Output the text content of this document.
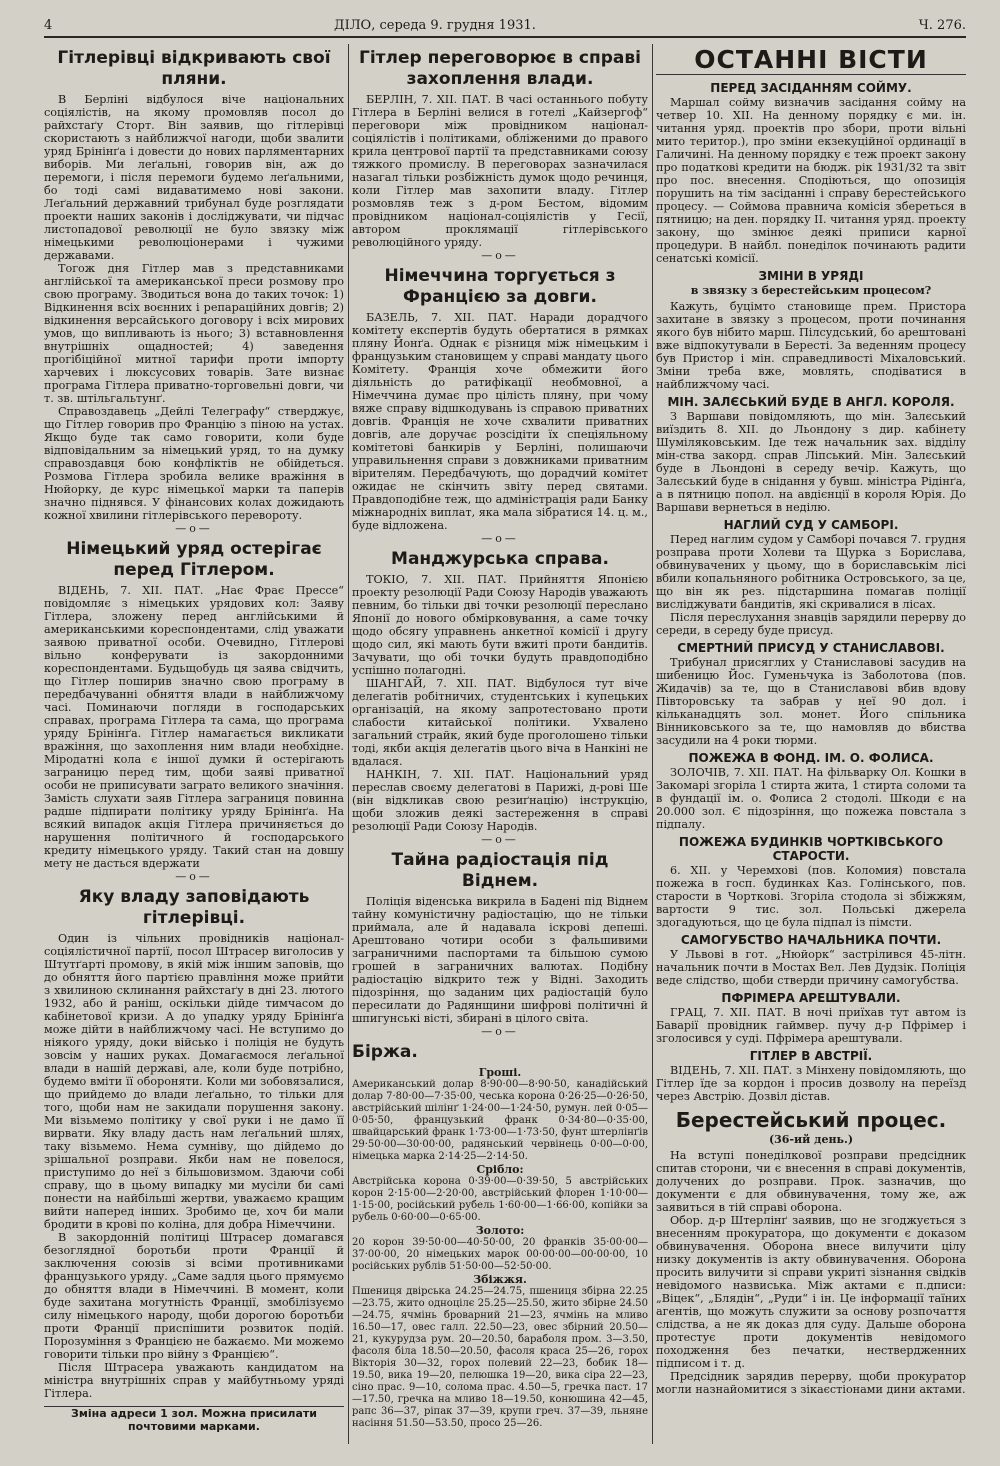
4	ДІЛО, середа 9. грудня 1931.	Ч. 276.
Гітлерівці відкривають свої пляни.

В Берліні відбулося віче національних соціялістів, на якому промовляв посол до райхстаґу Сторт. Він заявив, що гітлерівці скористають з найближчої нагоди, щоби звалити уряд Брінінґа і довести до нових парляментарних виборів. Ми леґальні, говорив він, аж до перемоги, і після перемоги будемо леґальними, бо тоді самі видаватимемо нові закони. Леґальний державний трибунал буде розглядати проекти наших законів і досліджувати, чи підчас листопадової революції не було звязку між німецькими революціонерами і чужими державами.

Тогож дня Гітлер мав з представниками англійської та американської преси розмову про свою програму. Зводиться вона до таких точок: 1) Відкинення всіх воєнних і репараційних довгів; 2) відкинення версайського договору і всіх мирових умов, що випливають із нього; 3) вставновлення внутрішніх ощадностей; 4) заведення прогібіційної митної тарифи проти імпорту харчевих і люксусових товарів. Зате визнає програма Гітлера приватно-торговельні довги, чи т. зв. штільгальтунґ.

Справоздавець „Дейлі Телеграфу“ стверджує, що Гітлер говорив про Францію з піною на устах. Якщо буде так само говорити, коли буде відповідальним за німецький уряд, то на думку справоздавця бою конфліктів не обійдеться. Розмова Гітлера зробила велике вражіння в Нюйорку, де курс німецької марки та паперів значно піднявся. У фінансових колах дожидають кожної хвилини гітлерівського перевороту.

—o—
Німецький уряд остерігає перед Гітлером.

ВІДЕНЬ, 7. XII. ПАТ. „Нає Фрає Прессе“ повідомляє з німецьких урядових кол: Заяву Гітлера, зложену перед англійськими й американськими кореспондентами, слід уважати заявою приватної особи. Очевидно, Гітлерові вільно конферувати із закордонними кореспондентами. Будьщобудь ця заява свідчить, що Гітлер поширив значно свою програму в передбачуванні обняття влади в найближчому часі. Поминаючи погляди в господарських справах, програма Гітлера та сама, що програма уряду Брінінґа. Гітлер намагається викликати вражіння, що захоплення ним влади необхідне. Міродатні кола є іншої думки й остерігають заграницю перед тим, щоби заяві приватної особи не приписувати заграто великого значіння. Замість слухати заяв Гітлера заграниця повинна радше підпирати політику уряду Брінінґа. На всякий випадок акція Гітлера причиняється до нарушення політичного й господарського кредиту німецького уряду. Такий стан на довшу мету не дасться вдержати

—o—
Яку владу заповідають гітлерівці.

Один із чільних провідників націонал-соціялістичної партії, посол Штрасер виголосив у Штутґарті промову, в якій між іншим заповів, що до обняття його партією правління може прийти з хвилиною склинання райхстаґу в дні 23. лютого 1932, або й раніш, оскільки дійде тимчасом до кабінетової кризи. А до упадку уряду Брінінґа може дійти в найближчому часі. Не вступимо до ніякого уряду, доки військо і поліція не будуть зовсім у наших руках. Домагаємося леґальної влади в нашій державі, але, коли буде потрібно, будемо вміти її обороняти. Коли ми зобовязалися, що прийдемо до влади леґально, то тільки для того, щоби нам не закидали порушення закону. Ми візьмемо політику у свої руки і не дамо її вирвати. Яку владу дасть нам леґальний шлях, таку візьмемо. Нема сумніву, що дійдемо до зрішальної розправи. Якби нам не повелося, приступимо до неї з більшовизмом. Здаючи собі справу, що в цьому випадку ми мусіли би самі понести на найбільші жертви, уважаємо кращим вийти наперед інших. Зробимо це, хоч би мали бродити в крові по коліна, для добра Німеччини.

В закордонній політиці Штрасер домагався безоглядної боротьби проти Франції й заключення союзів зі всіми противниками французького уряду. „Саме задля цього прямуємо до обняття влади в Німеччині. В момент, коли буде захитана могутність Франції, змобілізуємо силу німецького народу, щоби дорогою боротьби проти Франції приспішити розвиток подій. Порозуміння з Францією не бажаємо. Ми можемо говорити тільки про війну з Францією“.

Після Штрасера уважають кандидатом на міністра внутрішніх справ у майбутньому уряді Гітлера.

Зміна адреси 1 зол. Можна присилати почтовими марками.
Гітлер переговорює в справі захоплення влади.

БЕРЛІН, 7. XII. ПАТ. В часі останнього побуту Гітлера в Берліні велися в готелі „Кайзергоф“ переговори між провідником націонал-соціялістів і політиками, обліженими до правого крила центрової партії та представниками союзу тяжкого промислу. В переговорах зазначилася назагал тільки розбіжність думок щодо речинця, коли Гітлер мав захопити владу. Гітлер розмовляв теж з д-ром Бестом, відомим провідником націонал-соціялістів у Гесії, автором проклямації гітлерівського революційного уряду.

—o—
Німеччина торгується з Францією за довги.

БАЗЕЛЬ, 7. XII. ПАТ. Наради дорадчого комітету експертів будуть обертатися в рямках пляну Йонґа. Однак є різниця між німецьким і французьким становищем у справі мандату цього Комітету. Франція хоче обмежити його діяльність до ратифікації необмовної, а Німеччина думає про цілість пляну, при чому вяже справу відшкодувань із справою приватних довгів. Франція не хоче схвалити приватних довгів, але доручає розсідіти їх спеціяльному комітетові банкирів у Берліні, полишаючи управильнення справи з довжниками приватним вірителям. Передбачують, що дорадчий комітет ожидає не скінчить звіту перед святами. Правдоподібне теж, що адміністрація ради Банку міжнародніх виплат, яка мала зібратися 14. ц. м., буде відложена.

—o—
Манджурська справа.

ТОКІО, 7. XII. ПАТ. Прийняття Японією проекту резолюції Ради Союзу Народів уважають певним, бо тільки дві точки резолюції переслано Японії до нового обмірковування, а саме точку щодо обсягу управнень анкетної комісії і другу щодо сил, які мають бути вжиті проти бандитів. Зачувати, що обі точки будуть правдоподібно успішно полагодні.

ШАНГАЙ, 7. XII. ПАТ. Відбулося тут віче делегатів робітничих, студентських і купецьких організацій, на якому запротестовано проти слабости китайської політики. Ухвалено загальний страйк, який буде проголошено тільки тоді, якби акція делегатів цього віча в Нанкіні не вдалася.

НАНКІН, 7. XII. ПАТ. Національний уряд переслав своєму делегатові в Парижі, д-рові Ше (він відкликав свою резиґнацію) інструкцію, щоби зложив деякі застереження в справі резолюції Ради Союзу Народів.

—o—
Тайна радіостація під Віднем.

Поліція віденська викрила в Бадені під Віднем тайну комуністичну радіостацію, що не тільки приймала, але й надавала іскрові депеші. Арештовано чотири особи з фальшивими заграничними паспортами та більшою сумою грошей в заграничних валютах. Подібну радіостацію відкрито теж у Відні. Заходить підозріння, що заданим цих радіостацій було пересилати до Радянщини шифрові політичні й шпигунські вісті, збирані в цілого світа.

—o—
Біржа.
Гроші.

Американський долар 8·90·00—8·90·50, канадійський долар 7·80·00—7·35·00, чеська корона 0·26·25—0·26·50, австрійський шілінґ 1·24·00—1·24·50, румун. лей 0·05—0·05·50, французький франк 0·34·80—0·35·00, швайцарський франк 1·73·00—1·73·50, фунт штерлінґів 29·50·00—30·00·00, радянський червінець 0·00—0·00, німецька марка 2·14·25—2·14·50.

Срібло:

Австрійська корона 0·39·00—0·39·50, 5 австрійських корон 2·15·00—2·20·00, австрійський флорен 1·10·00—1·15·00, російський рубель 1·60·00—1·66·00, копійки за рубель 0·60·00—0·65·00.

Золото:

20 корон 39·50·00—40·50·00, 20 франків 35·00·00—37·00·00, 20 німецьких марок 00·00·00—00·00·00, 10 російських рублів 51·50·00—52·50·00.

Збіжжя.

Пшениця двірська 24.25—24.75, пшениця збірна 22.25—23.75, жито одноцілє 25.25—25.50, жито збірне 24.50—24.75, ячмінь броварний 21—23, ячмінь на мливо 16.50—17, овес галл. 22.50—23, овес збірний 20.50—21, кукурудза рум. 20—20.50, бараболя пром. 3—3.50, фасоля біла 18.50—20.50, фасоля краса 25—26, горох Вікторія 30—32, горох полевий 22—23, бобик 18—19.50, вика 19—20, пелюшка 19—20, вика сіра 22—23, сіно прас. 9—10, солома прас. 4.50—5, гречка паст. 17—17.50, гречка на мливо 18—19.50, конюшина 42—45, рапс 36—37, ріпак 37—39, крупи греч. 37—39, льняне насіння 51.50—53.50, просо 25—26.

ОСТАННІ ВІСТИ
ПЕРЕД ЗАСІДАННЯМ СОЙМУ.

Маршал сойму визначив засідання сойму на четвер 10. XII. На денному порядку є ми. ін. читання уряд. проектів про збори, проти вільні мито територ.), про зміни екзекуційної ординації в Галичині. На денному порядку є теж проект закону про податкові кредити на бюдж. рік 1931/32 та звіт про пос. внесення. Сподіються, що опозиція порушить на тім засіданні і справу берестейського процесу. — Соймова правнича комісія збереться в пятницю; на ден. порядку II. читання уряд. проекту закону, що змінює деякі приписи карної процедури. В найбл. понеділок починають радити сенатські комісії.

ЗМІНИ В УРЯДІ
в звязку з берестейським процесом?

Кажуть, буцімто становище прем. Пристора захитане в звязку з процесом, проти починання якого був нібито марш. Пілсудський, бо арештовані вже відпокутували в Бересті. За веденням процесу був Пристор і мін. справедливості Міхаловський. Зміни треба вже, мовлять, сподіватися в найближчому часі.

МІН. ЗАЛЄСЬКИЙ БУДЕ В АНГЛ. КОРОЛЯ.

З Варшави повідомляють, що мін. Залєський виїздить 8. XII. до Льондону з дир. кабінету Шуміляковським. Іде теж начальник зах. відділу мін-ства закорд. справ Ліпський. Мін. Залєський буде в Льондоні в середу вечір. Кажуть, що Залєський буде в снідання у бувш. міністра Рідінґа, а в пятницю попол. на авдієнції в короля Юрія. До Варшави вернеться в неділю.

НАГЛИЙ СУД У САМБОРІ.

Перед наглим судом у Самборі почався 7. грудня розправа проти Холеви та Щурка з Борислава, обвинувачених у цьому, що в бориславськім лісі вбили копальняного робітника Островського, за це, що він як рез. підстаршина помагав поліції висліджувати бандитів, які скривалися в лісах.

Після переслухання знавців зарядили перерву до середи, в середу буде присуд.

СМЕРТНИЙ ПРИСУД У СТАНИСЛАВОВІ.

Трибунал присяглих у Станиславові засудив на шибеницю Йос. Гуменьчука із Заболотова (пов. Жидачів) за те, що в Станиславові вбив вдову Півторовську та забрав у неї 90 дол. і кільканадцять зол. монет. Його спільника Вінниковського за те, що намовляв до вбиства засудили на 4 роки тюрми.

ПОЖЕЖА В ФОНД. ІМ. О. ФОЛИСА.

ЗОЛОЧІВ, 7. XII. ПАТ. На фільварку Ол. Кошки в Закомарі згоріла 1 стирта жита, 1 стирта соломи та в фундації ім. о. Фолиса 2 стодолі. Шкоди є на 20.000 зол. Є підозріння, що пожежа повстала з підпалу.

ПОЖЕЖА БУДИНКІВ ЧОРТКІВСЬКОГО СТАРОСТИ.

6. XII. у Черемхові (пов. Коломия) повстала пожежа в госп. будинках Каз. Голінського, пов. старости в Чорткові. Згоріла стодола зі збіжжям, вартости 9 тис. зол. Польські джерела здогадуються, що це була підпал із пімсти.

САМОГУБСТВО НАЧАЛЬНИКА ПОЧТИ.

У Львові в гот. „Нюйорк“ застрілився 45-літн. начальник почти в Мостах Вел. Лев Дудзік. Поліція веде слідство, щоби стверди причину самогубства.

ПФРІМЕРА АРЕШТУВАЛИ.

ГРАЦ, 7. XII. ПАТ. В ночі приїхав тут автом із Баварії провідник гаймвер. пучу д-р Пфрімер і зголосився у суді. Пфрімера арештували.

ГІТЛЕР В АВСТРІЇ.

ВІДЕНЬ, 7. XII. ПАТ. з Мінхену повідомляють, що Гітлер їде за кордон і просив дозволу на переїзд через Австрію. Дозвіл дістав.

Берестейський процес.
(36-ий день.)

На вступі понеділкової розправи предсідник спитав сторони, чи є внесення в справі документів, долучених до розправи. Прок. зазначив, що документи є для обвинувачення, тому же, аж заявиться в тій справі оборона.

Обор. д-р Штерлінґ заявив, що не згоджується з внесенням прокуратора, що документи є доказом обвинувачення. Оборона внесе вилучити цілу низку документів із акту обвинувачення. Оборона просить вилучити зі справи укриті зізнання свідків невідомого назвиська. Між актами є п.дписи: „Віцек“, „Блядін“, „Руди“ і ін. Це інформації таїних агентів, що можуть служити за основу розпочаття слідства, а не як доказ для суду. Дальше оборона протестує проти документів невідомого походження без печатки, нествердженних підписом і т. д.

Предсідник зарядив перерву, щоби прокуратор могли назнайомитися з зікаєстіонами дини актами.
